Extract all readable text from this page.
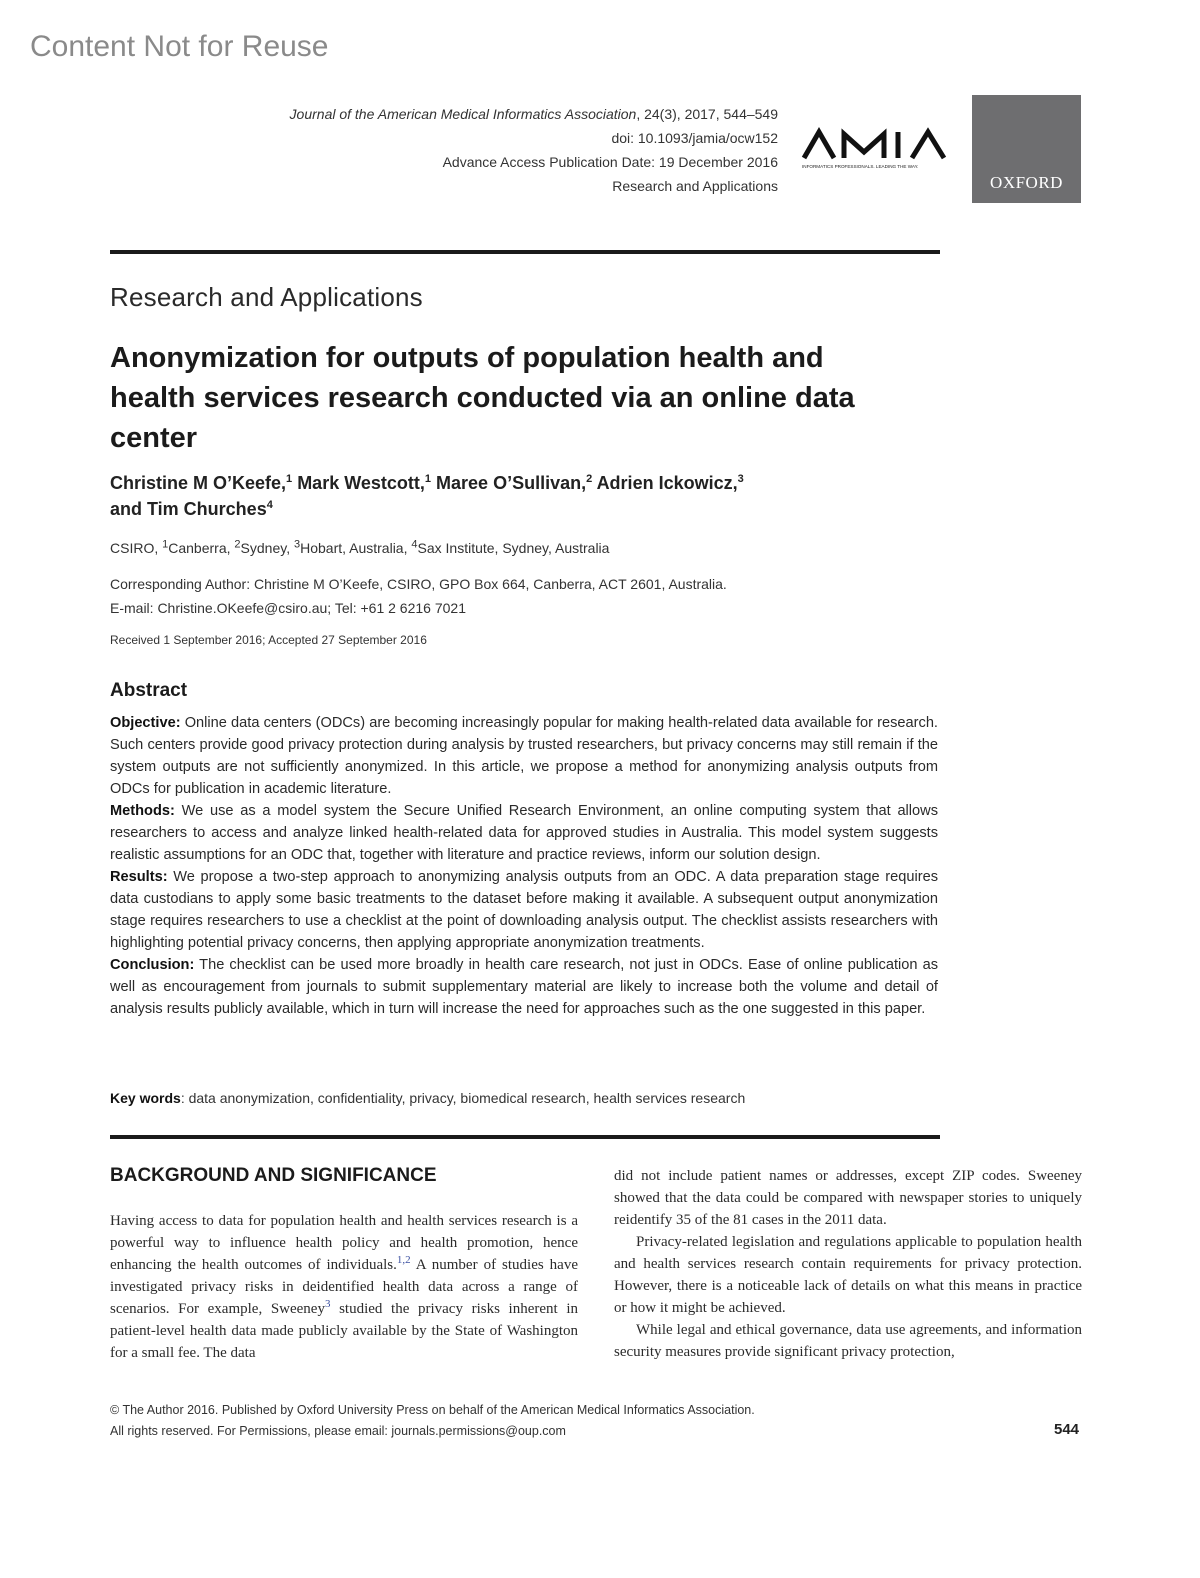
Content Not for Reuse
Journal of the American Medical Informatics Association, 24(3), 2017, 544–549
doi: 10.1093/jamia/ocw152
Advance Access Publication Date: 19 December 2016
Research and Applications
INFORMATICS PROFESSIONALS. LEADING THE WAY.
OXFORD
Research and Applications
Anonymization for outputs of population health and health services research conducted via an online data center
Christine M O’Keefe,$^1$ Mark Westcott,$^1$ Maree O’Sullivan,$^2$ Adrien Ickowicz,$^3$
and Tim Churches$^4$
CSIRO, $^1$Canberra, $^2$Sydney, $^3$Hobart, Australia, $^4$Sax Institute, Sydney, Australia
Corresponding Author: Christine M O’Keefe, CSIRO, GPO Box 664, Canberra, ACT 2601, Australia.
E-mail: Christine.OKeefe@csiro.au; Tel: +61 2 6216 7021
Received 1 September 2016; Accepted 27 September 2016
Abstract

Objective: Online data centers (ODCs) are becoming increasingly popular for making health-related data available for research. Such centers provide good privacy protection during analysis by trusted researchers, but privacy concerns may still remain if the system outputs are not sufficiently anonymized. In this article, we propose a method for anonymizing analysis outputs from ODCs for publication in academic literature.

Methods: We use as a model system the Secure Unified Research Environment, an online computing system that allows researchers to access and analyze linked health-related data for approved studies in Australia. This model system suggests realistic assumptions for an ODC that, together with literature and practice reviews, inform our solution design.

Results: We propose a two-step approach to anonymizing analysis outputs from an ODC. A data preparation stage requires data custodians to apply some basic treatments to the dataset before making it available. A subsequent output anonymization stage requires researchers to use a checklist at the point of downloading analysis output. The checklist assists researchers with highlighting potential privacy concerns, then applying appropriate anonymization treatments.

Conclusion: The checklist can be used more broadly in health care research, not just in ODCs. Ease of online publication as well as encouragement from journals to submit supplementary material are likely to increase both the volume and detail of analysis results publicly available, which in turn will increase the need for approaches such as the one suggested in this paper.

Key words: data anonymization, confidentiality, privacy, biomedical research, health services research
BACKGROUND AND SIGNIFICANCE

Having access to data for population health and health services research is a powerful way to influence health policy and health promotion, hence enhancing the health outcomes of individuals.$^{1,2}$ A number of studies have investigated privacy risks in deidentified health data across a range of scenarios. For example, Sweeney$^3$ studied the privacy risks inherent in patient-level health data made publicly available by the State of Washington for a small fee. The data

did not include patient names or addresses, except ZIP codes. Sweeney showed that the data could be compared with newspaper stories to uniquely reidentify 35 of the 81 cases in the 2011 data.

Privacy-related legislation and regulations applicable to population health and health services research contain requirements for privacy protection. However, there is a noticeable lack of details on what this means in practice or how it might be achieved.

While legal and ethical governance, data use agreements, and information security measures provide significant privacy protection,

© The Author 2016. Published by Oxford University Press on behalf of the American Medical Informatics Association.
All rights reserved. For Permissions, please email: journals.permissions@oup.com	544
